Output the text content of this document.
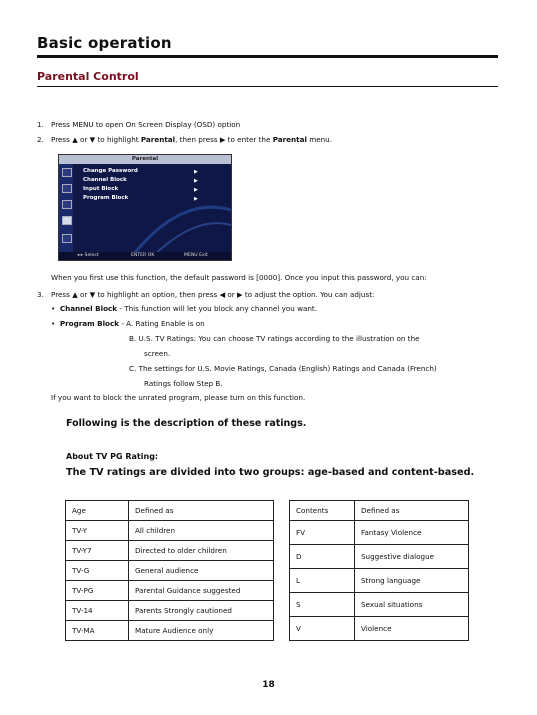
Basic operation
Parental Control
1. Press MENU to open On Screen Display (OSD) option
2. Press ▲ or ▼ to highlight Parental, then press ▶ to enter the Parental menu.
Parental
Change Password
Channel Block
Input Block
Program Block
▶
▶
▶
▶
◂ ▸ Select	ENTER OK	MENU Exit
When you first use this function, the default password is [0000]. Once you input this password, you can:
3. Press ▲ or ▼ to highlight an option, then press ◀ or ▶ to adjust the option. You can adjust:
•  Channel Block - This function will let you block any channel you want.
•  Program Block - A. Rating Enable is on
B. U.S. TV Ratings: You can choose TV ratings according to the illustration on the
screen.
C. The settings for U.S. Movie Ratings, Canada (English) Ratings and Canada (French)
Ratings follow Step B.
If you want to block the unrated program, please turn on this function.
Following is the description of these ratings.
About TV PG Rating:
The TV ratings are divided into two groups: age-based and content-based.
Age	Defined as
TV-Y	All children
TV-Y7	Directed to older children
TV-G	General audience
TV-PG	Parental Guidance suggested
TV-14	Parents Strongly cautioned
TV-MA	Mature Audience only
Contents	Defined as
FV	Fantasy Violence
D	Suggestive dialogue
L	Strong language
S	Sexual situations
V	Violence
18
